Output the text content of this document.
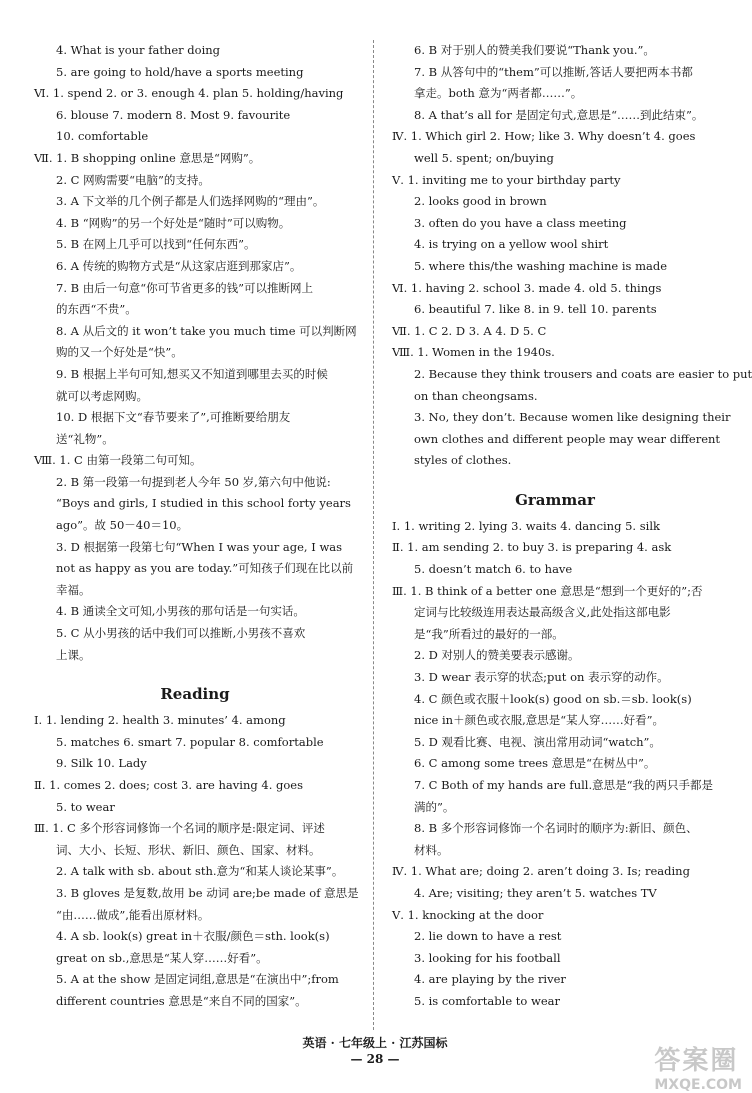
4. What is your father doing
5. are going to hold/have a sports meeting
Ⅵ. 1. spend 2. or 3. enough 4. plan 5. holding/having
6. blouse 7. modern 8. Most 9. favourite
10. comfortable
Ⅶ. 1. B shopping online 意思是“网购”。
2. C 网购需要“电脑”的支持。
3. A 下文举的几个例子都是人们选择网购的“理由”。
4. B “网购”的另一个好处是“随时”可以购物。
5. B 在网上几乎可以找到“任何东西”。
6. A 传统的购物方式是“从这家店逛到那家店”。
7. B 由后一句意“你可节省更多的钱”可以推断网上
的东西“不贵”。
8. A 从后文的 it won’t take you much time 可以判断网
购的又一个好处是“快”。
9. B 根据上半句可知,想买又不知道到哪里去买的时候
就可以考虑网购。
10. D 根据下文“春节要来了”,可推断要给朋友
送“礼物”。
Ⅷ. 1. C 由第一段第二句可知。
2. B 第一段第一句提到老人今年 50 岁,第六句中他说:
“Boys and girls, I studied in this school forty years
ago”。故 50－40＝10。
3. D 根据第一段第七句“When I was your age, I was
not as happy as you are today.”可知孩子们现在比以前
幸福。
4. B 通读全文可知,小男孩的那句话是一句实话。
5. C 从小男孩的话中我们可以推断,小男孩不喜欢
上课。
Reading
Ⅰ. 1. lending 2. health 3. minutes’ 4. among
5. matches 6. smart 7. popular 8. comfortable
9. Silk 10. Lady
Ⅱ. 1. comes 2. does; cost 3. are having 4. goes
5. to wear
Ⅲ. 1. C 多个形容词修饰一个名词的顺序是:限定词、评述
词、大小、长短、形状、新旧、颜色、国家、材料。
2. A talk with sb. about sth.意为“和某人谈论某事”。
3. B gloves 是复数,故用 be 动词 are;be made of 意思是
“由……做成”,能看出原材料。
4. A sb. look(s) great in＋衣服/颜色＝sth. look(s)
great on sb.,意思是“某人穿……好看”。
5. A at the show 是固定词组,意思是“在演出中”;from
different countries 意思是“来自不同的国家”。
6. B 对于别人的赞美我们要说“Thank you.”。
7. B 从答句中的“them”可以推断,答话人要把两本书都
拿走。both 意为“两者都……”。
8. A that’s all for 是固定句式,意思是“……到此结束”。
Ⅳ. 1. Which girl 2. How; like 3. Why doesn’t 4. goes
well 5. spent; on/buying
Ⅴ. 1. inviting me to your birthday party
2. looks good in brown
3. often do you have a class meeting
4. is trying on a yellow wool shirt
5. where this/the washing machine is made
Ⅵ. 1. having 2. school 3. made 4. old 5. things
6. beautiful 7. like 8. in 9. tell 10. parents
Ⅶ. 1. C 2. D 3. A 4. D 5. C
Ⅷ. 1. Women in the 1940s.
2. Because they think trousers and coats are easier to put
on than cheongsams.
3. No, they don’t. Because women like designing their
own clothes and different people may wear different
styles of clothes.
Grammar
Ⅰ. 1. writing 2. lying 3. waits 4. dancing 5. silk
Ⅱ. 1. am sending 2. to buy 3. is preparing 4. ask
5. doesn’t match 6. to have
Ⅲ. 1. B think of a better one 意思是“想到一个更好的”;否
定词与比较级连用表达最高级含义,此处指这部电影
是“我”所看过的最好的一部。
2. D 对别人的赞美要表示感谢。
3. D wear 表示穿的状态;put on 表示穿的动作。
4. C 颜色或衣服＋look(s) good on sb.＝sb. look(s)
nice in＋颜色或衣服,意思是“某人穿……好看”。
5. D 观看比赛、电视、演出常用动词“watch”。
6. C among some trees 意思是“在树丛中”。
7. C Both of my hands are full.意思是“我的两只手都是
满的”。
8. B 多个形容词修饰一个名词时的顺序为:新旧、颜色、
材料。
Ⅳ. 1. What are; doing 2. aren’t doing 3. Is; reading
4. Are; visiting; they aren’t 5. watches TV
Ⅴ. 1. knocking at the door
2. lie down to have a rest
3. looking for his football
4. are playing by the river
5. is comfortable to wear
英语 · 七年级上 · 江苏国标
— 28 —	答案圈
MXQE.COM
